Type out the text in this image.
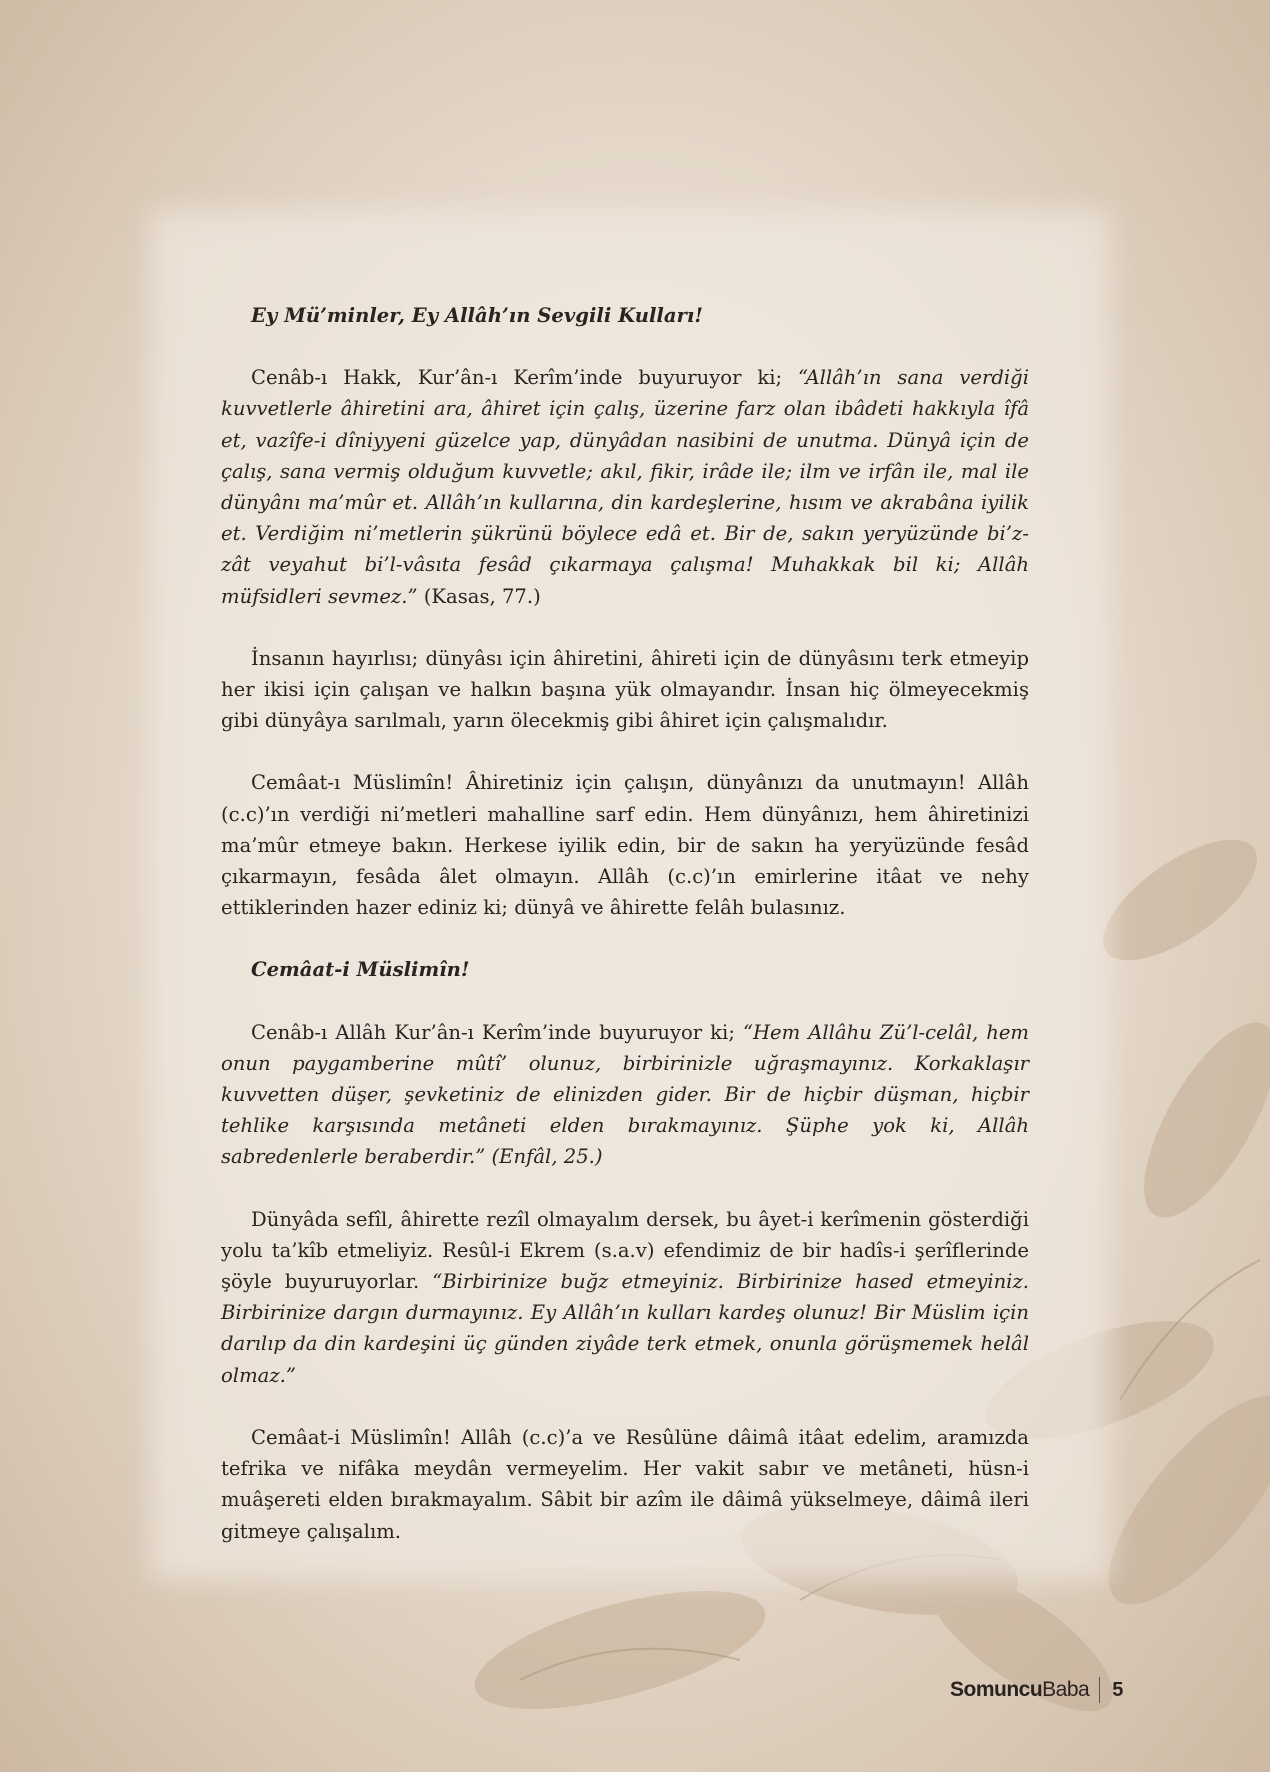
Ey Mü’minler, Ey Allâh’ın Sevgili Kulları!

Cenâb-ı Hakk, Kur’ân-ı Kerîm’inde buyuruyor ki; “Allâh’ın sana verdiği kuvvetlerle âhiretini ara, âhiret için çalış, üzerine farz olan ibâdeti hakkıyla îfâ et, vazîfe-i dîniyyeni güzelce yap, dünyâdan nasibini de unutma. Dünyâ için de çalış, sana vermiş olduğum kuvvetle; akıl, fikir, irâde ile; ilm ve irfân ile, mal ile dünyânı ma’mûr et. Allâh’ın kullarına, din kardeşlerine, hısım ve akrabâna iyilik et. Verdiğim ni’metlerin şükrünü böylece edâ et. Bir de, sakın yeryüzünde bi’z-zât veyahut bi’l-vâsıta fesâd çıkarmaya çalışma! Muhakkak bil ki; Allâh müfsidleri sevmez.” (Kasas, 77.)

İnsanın hayırlısı; dünyâsı için âhiretini, âhireti için de dünyâsını terk etmeyip her ikisi için çalışan ve halkın başına yük olmayandır. İnsan hiç ölmeyecekmiş gibi dünyâya sarılmalı, yarın ölecekmiş gibi âhiret için çalışmalıdır.

Cemâat-ı Müslimîn! Âhiretiniz için çalışın, dünyânızı da unutmayın! Allâh (c.c)’ın verdiği ni’metleri mahalline sarf edin. Hem dünyânızı, hem âhiretinizi ma’mûr etmeye bakın. Herkese iyilik edin, bir de sakın ha yeryüzünde fesâd çıkarmayın, fesâda âlet olmayın. Allâh (c.c)’ın emirlerine itâat ve nehy ettiklerinden hazer ediniz ki; dünyâ ve âhirette felâh bulasınız.

Cemâat-i Müslimîn!

Cenâb-ı Allâh Kur’ân-ı Kerîm’inde buyuruyor ki; “Hem Allâhu Zü’l-celâl, hem onun paygamberine mûtî’ olunuz, birbirinizle uğraşmayınız. Korkaklaşır kuvvetten düşer, şevketiniz de elinizden gider. Bir de hiçbir düşman, hiçbir tehlike karşısında metâneti elden bırakmayınız. Şüphe yok ki, Allâh sabredenlerle beraberdir.” (Enfâl, 25.)

Dünyâda sefîl, âhirette rezîl olmayalım dersek, bu âyet-i kerîmenin gösterdiği yolu ta’kîb etmeliyiz. Resûl-i Ekrem (s.a.v) efendimiz de bir hadîs-i şerîflerinde şöyle buyuruyorlar. “Birbirinize buğz etmeyiniz. Birbirinize hased etmeyiniz. Birbirinize dargın durmayınız. Ey Allâh’ın kulları kardeş olunuz! Bir Müslim için darılıp da din kardeşini üç günden ziyâde terk etmek, onunla görüşmemek helâl olmaz.”

Cemâat-i Müslimîn! Allâh (c.c)’a ve Resûlüne dâimâ itâat edelim, aramızda tefrika ve nifâka meydân vermeyelim. Her vakit sabır ve metâneti, hüsn-i muâşereti elden bırakmayalım. Sâbit bir azîm ile dâimâ yükselmeye, dâimâ ileri gitmeye çalışalım.

SomuncuBaba 5
